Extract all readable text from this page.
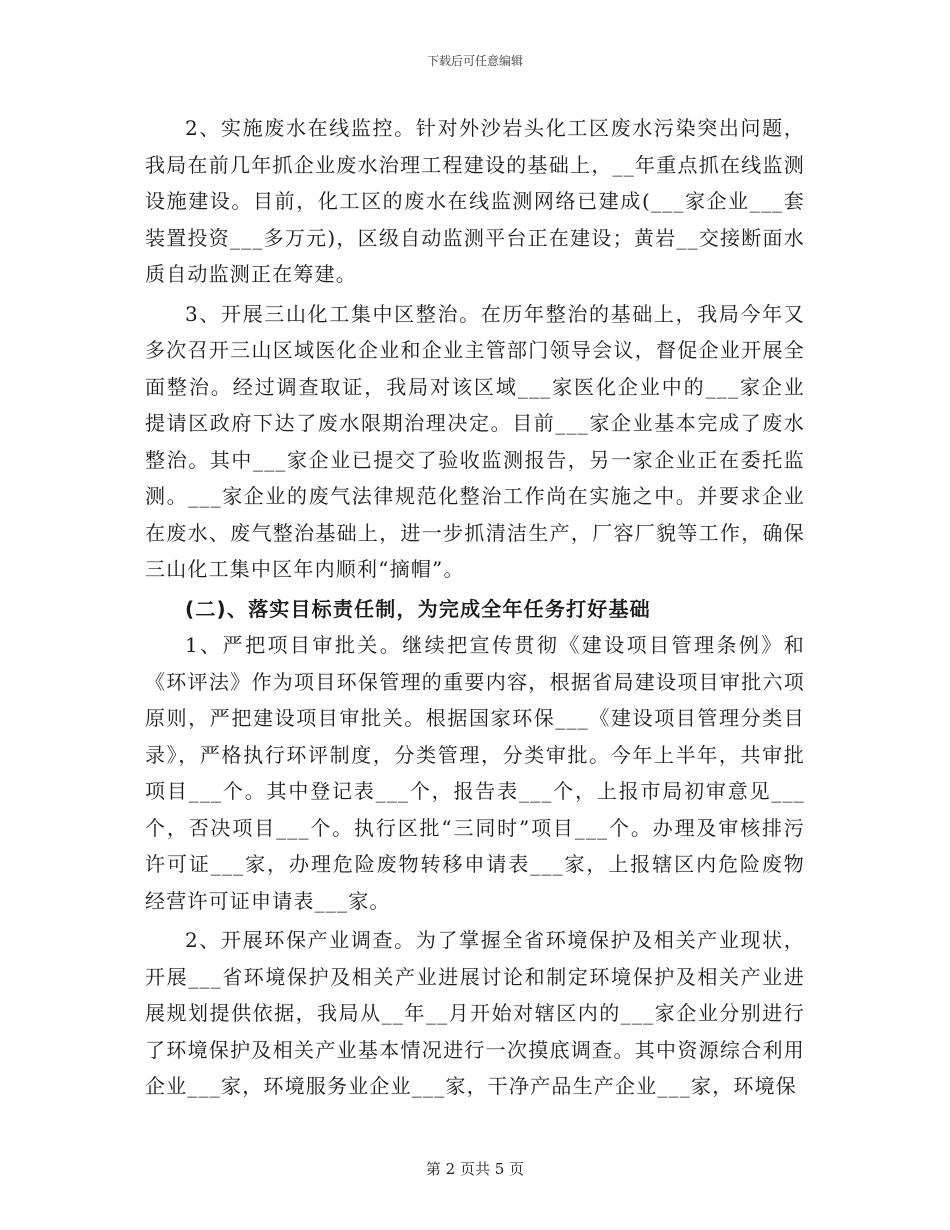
下载后可任意编辑

2、实施废水在线监控。针对外沙岩头化工区废水污染突出问题，我局在前几年抓企业废水治理工程建设的基础上，__年重点抓在线监测设施建设。目前，化工区的废水在线监测网络已建成(___家企业___套装置投资___多万元)，区级自动监测平台正在建设；黄岩__交接断面水质自动监测正在筹建。

3、开展三山化工集中区整治。在历年整治的基础上，我局今年又多次召开三山区域医化企业和企业主管部门领导会议，督促企业开展全面整治。经过调查取证，我局对该区域___家医化企业中的___家企业提请区政府下达了废水限期治理决定。目前___家企业基本完成了废水整治。其中___家企业已提交了验收监测报告，另一家企业正在委托监测。___家企业的废气法律规范化整治工作尚在实施之中。并要求企业在废水、废气整治基础上，进一步抓清洁生产，厂容厂貌等工作，确保三山化工集中区年内顺利“摘帽”。

(二)、落实目标责任制，为完成全年任务打好基础

1、严把项目审批关。继续把宣传贯彻《建设项目管理条例》和《环评法》作为项目环保管理的重要内容，根据省局建设项目审批六项原则，严把建设项目审批关。根据国家环保___《建设项目管理分类目录》，严格执行环评制度，分类管理，分类审批。今年上半年，共审批项目___个。其中登记表___个，报告表___个，上报市局初审意见___个，否决项目___个。执行区批“三同时”项目___个。办理及审核排污许可证___家，办理危险废物转移申请表___家，上报辖区内危险废物经营许可证申请表___家。

2、开展环保产业调查。为了掌握全省环境保护及相关产业现状，开展___省环境保护及相关产业进展讨论和制定环境保护及相关产业进展规划提供依据，我局从__年__月开始对辖区内的___家企业分别进行了环境保护及相关产业基本情况进行一次摸底调查。其中资源综合利用企业___家，环境服务业企业___家，干净产品生产企业___家，环境保

第 2 页共 5 页
